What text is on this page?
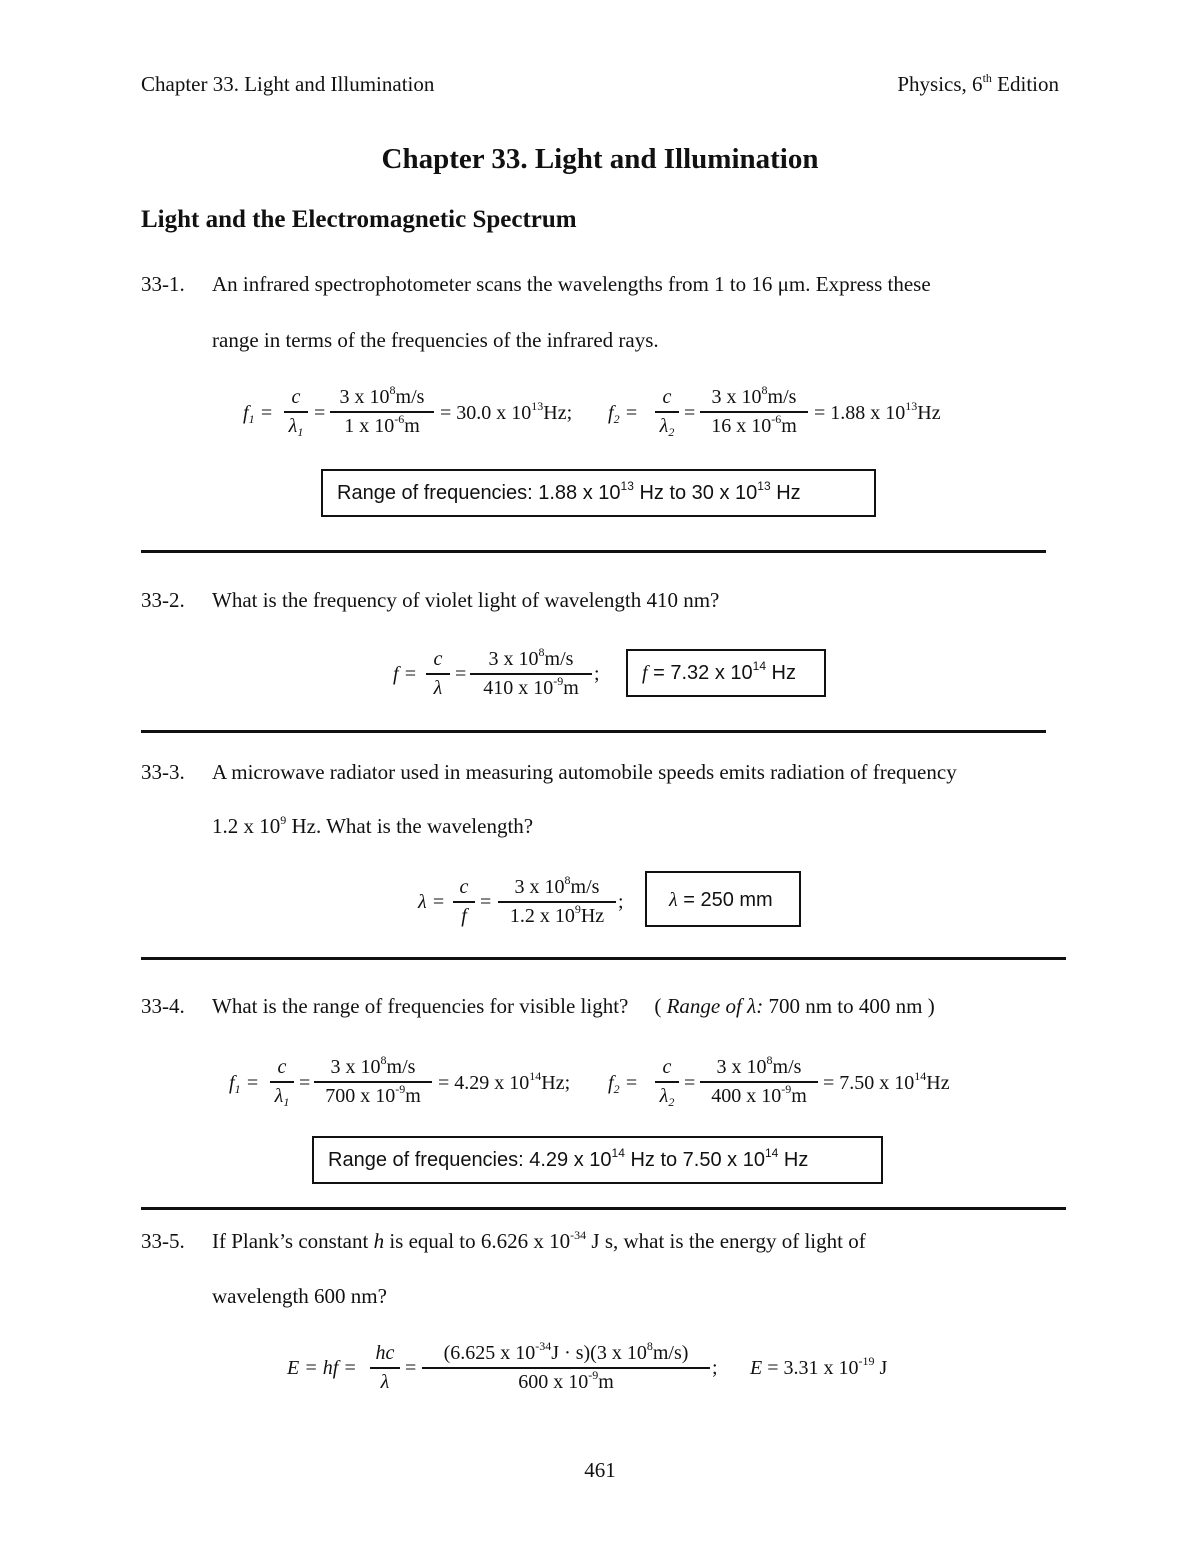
Chapter 33. Light and Illumination	Physics, 6th Edition
Chapter 33. Light and Illumination
Light and the Electromagnetic Spectrum
33-1. An infrared spectrophotometer scans the wavelengths from 1 to 16 μm. Express these
range in terms of the frequencies of the infrared rays.
$f_1$ =
c
$\lambda_1$
=
3 x $10^8m/s$
1 x $10^{-6}m$
= 30.0 x $10^{13}Hz$; $f_2$ =
c
$\lambda_2$
=
3 x $10^8m/s$
16 x $10^{-6}m$
= 1.88 x $10^{13}Hz$
Range of frequencies: 1.88 x $10^{13}$ Hz to 30 x $10^{13}$ Hz
33-2. What is the frequency of violet light of wavelength 410 nm?
f =
c
λ
=
3 x $10^8m/s$
410 x $10^{-9}m$
; f = 7.32 x $10^{14}$ Hz
33-3. A microwave radiator used in measuring automobile speeds emits radiation of frequency
1.2 x $10^9$ Hz. What is the wavelength?
λ =
c
f
=
3 x $10^8m/s$
1.2 x $10^9Hz$
; λ = 250 mm
33-4. What is the range of frequencies for visible light? ( Range of λ: 700 nm to 400 nm )
$f_1$ =
c
$\lambda_1$
=
3 x $10^8m/s$
700 x $10^{-9}m$
= 4.29 x $10^{14}Hz$; $f_2$ =
c
$\lambda_2$
=
3 x $10^8m/s$
400 x $10^{-9}m$
= 7.50 x $10^{14}Hz$
Range of frequencies: 4.29 x $10^{14}$ Hz to 7.50 x $10^{14}$ Hz
33-5. If Plank’s constant h is equal to 6.626 x $10^{-34}$ J s, what is the energy of light of
wavelength 600 nm?
E = hf =
hc
λ
=
(6.625 x $10^{-34}J \cdot s)(3$ x $10^8m/s$)
600 x $10^{-9}m$
; E = 3.31 x $10^{-19}$ J
461
